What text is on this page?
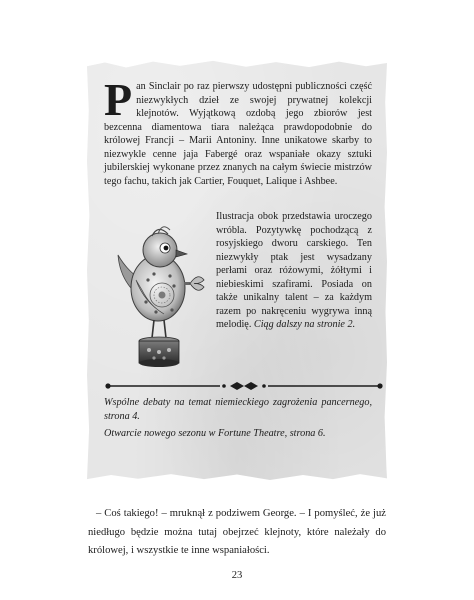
Pan Sinclair po raz pierwszy udostępni publiczności część niezwykłych dzieł ze swojej prywatnej kolekcji klejnotów. Wyjątkową ozdobą jego zbiorów jest bezcenna diamentowa tiara należąca prawdopodobnie do królowej Francji – Marii Antoniny. Inne unikatowe skarby to niezwykle cenne jaja Fabergé oraz wspaniałe okazy sztuki jubilerskiej wykonane przez znanych na całym świecie mistrzów tego fachu, takich jak Cartier, Fouquet, Lalique i Ashbee.
Ilustracja obok przedstawia uroczego wróbla. Pozytywkę pochodzącą z rosyjskiego dworu carskiego. Ten niezwykły ptak jest wysadzany perłami oraz różowymi, żółtymi i niebieskimi szafirami. Posiada on także unikalny talent – za każdym razem po nakręceniu wygrywa inną melodię. Ciąg dalszy na stronie 2.

Wspólne debaty na temat niemieckiego zagrożenia pancernego, strona 4.

Otwarcie nowego sezonu w Fortune Theatre, strona 6.

– Coś takiego! – mruknął z podziwem George. – I pomyśleć, że już niedługo będzie można tutaj obejrzeć klejnoty, które należały do królowej, i wszystkie te inne wspaniałości.

23
